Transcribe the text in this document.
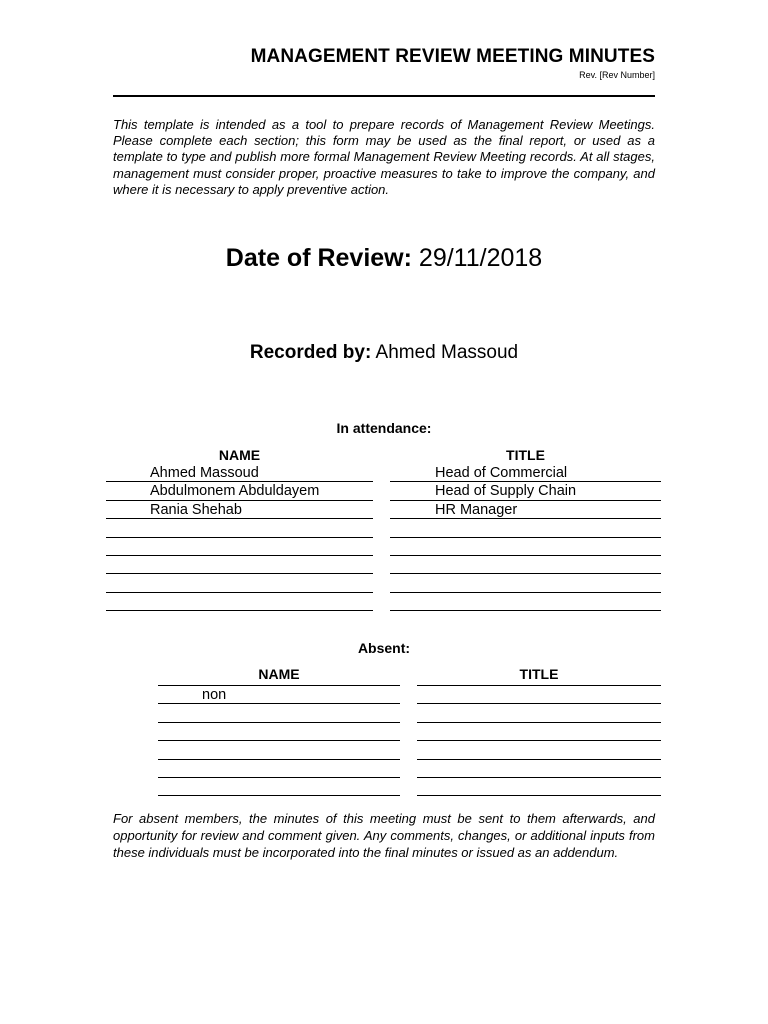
MANAGEMENT REVIEW MEETING MINUTES
Rev. [Rev Number]
This template is intended as a tool to prepare records of Management Review Meetings. Please complete each section; this form may be used as the final report, or used as a template to type and publish more formal Management Review Meeting records. At all stages, management must consider proper, proactive measures to take to improve the company, and where it is necessary to apply preventive action.
Date of Review: 29/11/2018
Recorded by: Ahmed Massoud
In attendance:
NAME
Ahmed Massoud
Abdulmonem Abduldayem
Rania Shehab
TITLE
Head of Commercial
Head of Supply Chain
HR Manager
Absent:
NAME
non
TITLE
For absent members, the minutes of this meeting must be sent to them afterwards, and opportunity for review and comment given. Any comments, changes, or additional inputs from these individuals must be incorporated into the final minutes or issued as an addendum.
